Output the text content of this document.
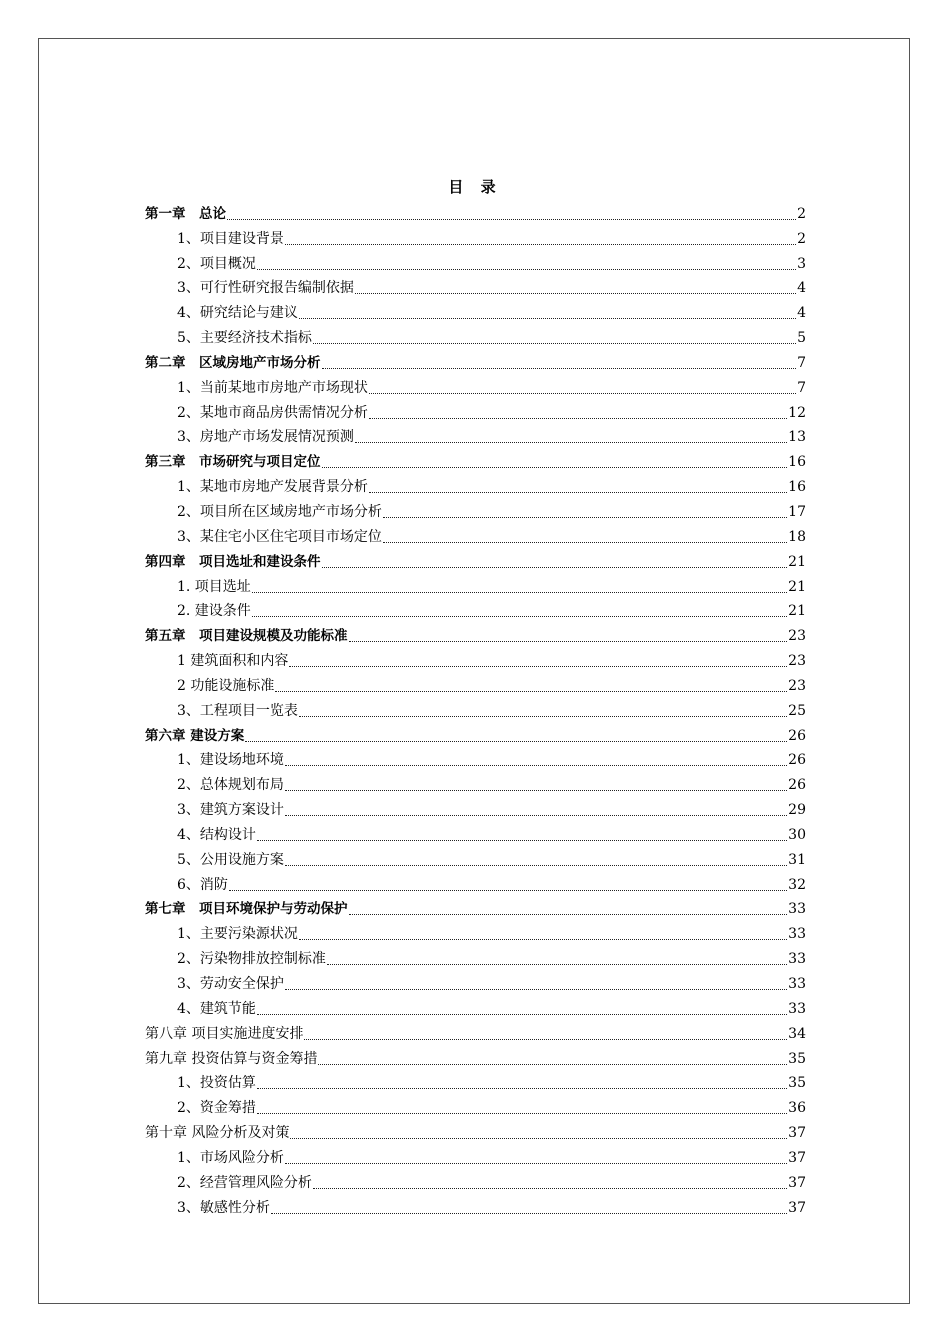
目 录
第一章　总论	2
1、项目建设背景	2
2、项目概况	3
3、可行性研究报告编制依据	4
4、研究结论与建议	4
5、主要经济技术指标	5
第二章　区域房地产市场分析	7
1、当前某地市房地产市场现状	7
2、某地市商品房供需情况分析	12
3、房地产市场发展情况预测	13
第三章　市场研究与项目定位	16
1、某地市房地产发展背景分析	16
2、项目所在区域房地产市场分析	17
3、某住宅小区住宅项目市场定位	18
第四章　项目选址和建设条件	21
1. 项目选址	21
2. 建设条件	21
第五章　项目建设规模及功能标准	23
1 建筑面积和内容	23
2 功能设施标准	23
3、工程项目一览表	25
第六章 建设方案	26
1、建设场地环境	26
2、总体规划布局	26
3、建筑方案设计	29
4、结构设计	30
5、公用设施方案	31
6、消防	32
第七章　项目环境保护与劳动保护	33
1、主要污染源状况	33
2、污染物排放控制标准	33
3、劳动安全保护	33
4、建筑节能	33
第八章 项目实施进度安排	34
第九章 投资估算与资金筹措	35
1、投资估算	35
2、资金筹措	36
第十章 风险分析及对策	37
1、市场风险分析	37
2、经营管理风险分析	37
3、敏感性分析	37
